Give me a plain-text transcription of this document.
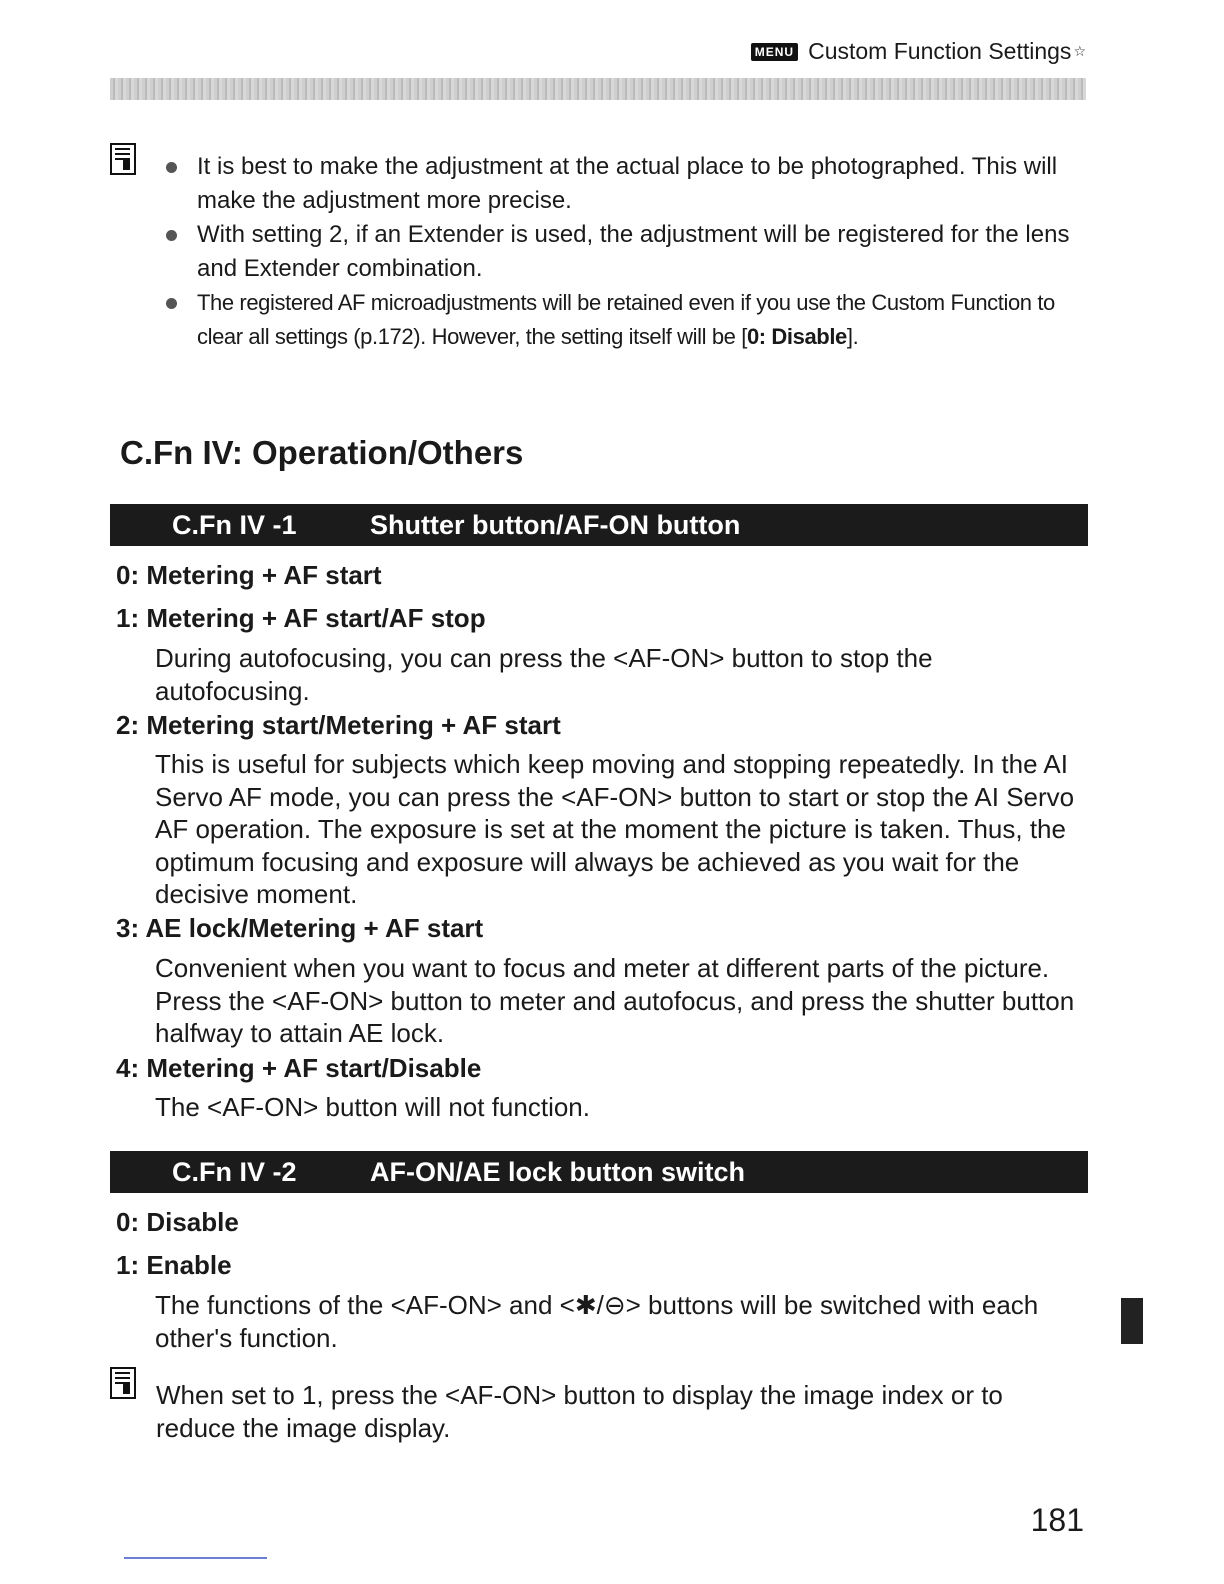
MENU Custom Function Settings ☆
It is best to make the adjustment at the actual place to be photographed. This will make the adjustment more precise.
With setting 2, if an Extender is used, the adjustment will be registered for the lens and Extender combination.
The registered AF microadjustments will be retained even if you use the Custom Function to clear all settings (p.172). However, the setting itself will be [0: Disable].
C.Fn IV: Operation/Others
C.Fn IV -1	Shutter button/AF-ON button
0: Metering + AF start
1: Metering + AF start/AF stop
During autofocusing, you can press the <AF-ON> button to stop the autofocusing.
2: Metering start/Metering + AF start
This is useful for subjects which keep moving and stopping repeatedly. In the AI Servo AF mode, you can press the <AF-ON> button to start or stop the AI Servo AF operation. The exposure is set at the moment the picture is taken. Thus, the optimum focusing and exposure will always be achieved as you wait for the decisive moment.
3: AE lock/Metering + AF start
Convenient when you want to focus and meter at different parts of the picture. Press the <AF-ON> button to meter and autofocus, and press the shutter button halfway to attain AE lock.
4: Metering + AF start/Disable
The <AF-ON> button will not function.
C.Fn IV -2	AF-ON/AE lock button switch
0: Disable
1: Enable
The functions of the <AF-ON> and <✱/⊖> buttons will be switched with each other's function.
When set to 1, press the <AF-ON> button to display the image index or to reduce the image display.
181
